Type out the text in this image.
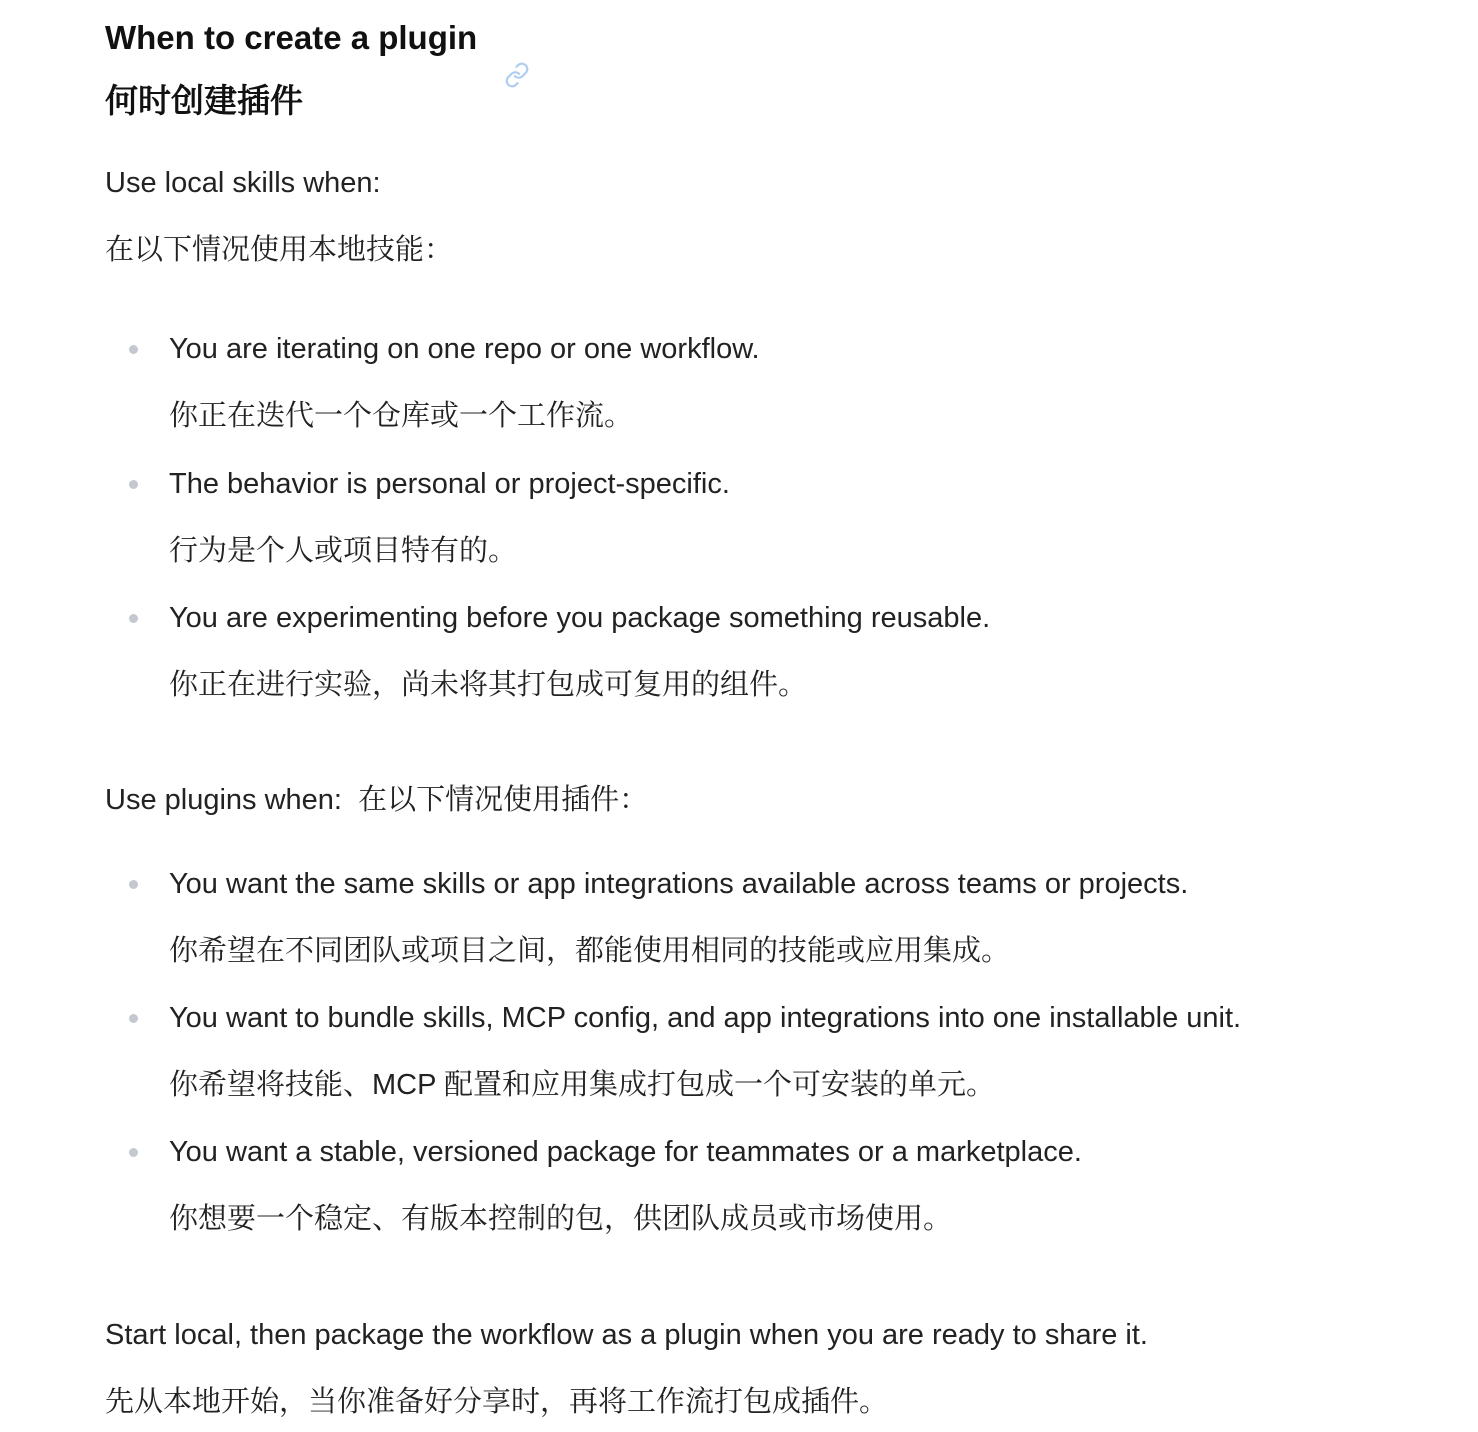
When to create a plugin
何时创建插件
Use local skills when:
在以下情况使用本地技能：
You are iterating on one repo or one workflow.
你正在迭代一个仓库或一个工作流。
The behavior is personal or project-specific.
行为是个人或项目特有的。
You are experimenting before you package something reusable.
你正在进行实验，尚未将其打包成可复用的组件。
Use plugins when:  在以下情况使用插件：
You want the same skills or app integrations available across teams or projects.
你希望在不同团队或项目之间，都能使用相同的技能或应用集成。
You want to bundle skills, MCP config, and app integrations into one installable unit.
你希望将技能、MCP 配置和应用集成打包成一个可安装的单元。
You want a stable, versioned package for teammates or a marketplace.
你想要一个稳定、有版本控制的包，供团队成员或市场使用。
Start local, then package the workflow as a plugin when you are ready to share it.
先从本地开始，当你准备好分享时，再将工作流打包成插件。
